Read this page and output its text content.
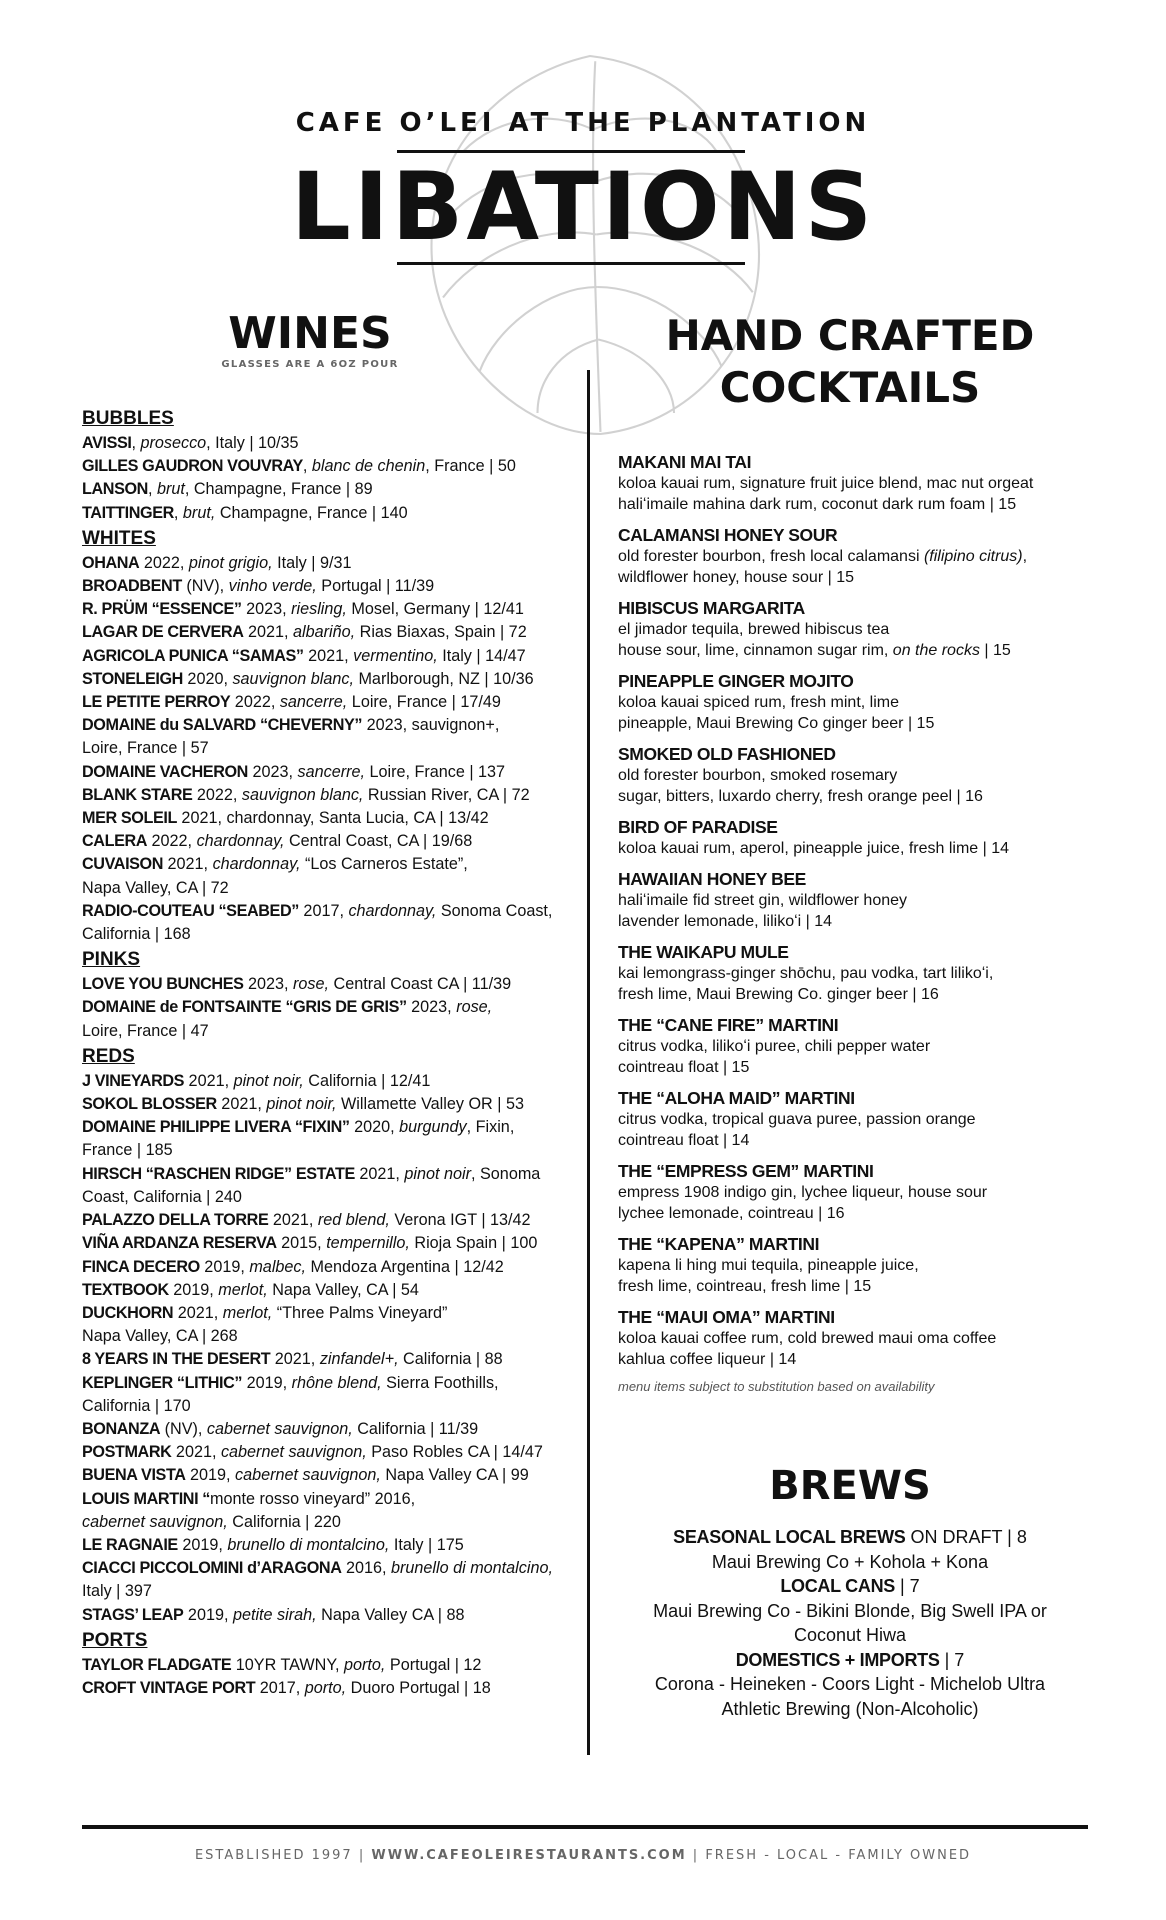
CAFE O’LEI AT THE PLANTATION
LIBATIONS
WINES
GLASSES ARE A 6OZ POUR
HAND CRAFTED
COCKTAILS
BUBBLES
AVISSI, prosecco, Italy | 10/35
GILLES GAUDRON VOUVRAY, blanc de chenin, France | 50
LANSON, brut, Champagne, France | 89
TAITTINGER, brut, Champagne, France | 140
WHITES
OHANA 2022, pinot grigio, Italy | 9/31
BROADBENT (NV), vinho verde, Portugal | 11/39
R. PRÜM “ESSENCE” 2023, riesling, Mosel, Germany | 12/41
LAGAR DE CERVERA 2021, albariño, Rias Biaxas, Spain | 72
AGRICOLA PUNICA “SAMAS” 2021, vermentino, Italy | 14/47
STONELEIGH 2020, sauvignon blanc, Marlborough, NZ | 10/36
LE PETITE PERROY 2022, sancerre, Loire, France | 17/49
DOMAINE du SALVARD “CHEVERNY” 2023, sauvignon+,
Loire, France | 57
DOMAINE VACHERON 2023, sancerre, Loire, France | 137
BLANK STARE 2022, sauvignon blanc, Russian River, CA | 72
MER SOLEIL 2021, chardonnay, Santa Lucia, CA | 13/42
CALERA 2022, chardonnay, Central Coast, CA | 19/68
CUVAISON 2021, chardonnay, “Los Carneros Estate”,
Napa Valley, CA | 72
RADIO-COUTEAU “SEABED” 2017, chardonnay, Sonoma Coast,
California | 168
PINKS
LOVE YOU BUNCHES 2023, rose, Central Coast CA | 11/39
DOMAINE de FONTSAINTE “GRIS DE GRIS” 2023, rose,
Loire, France | 47
REDS
J VINEYARDS 2021, pinot noir, California | 12/41
SOKOL BLOSSER 2021, pinot noir, Willamette Valley OR | 53
DOMAINE PHILIPPE LIVERA “FIXIN” 2020, burgundy, Fixin,
France | 185
HIRSCH “RASCHEN RIDGE” ESTATE 2021, pinot noir, Sonoma
Coast, California | 240
PALAZZO DELLA TORRE 2021, red blend, Verona IGT | 13/42
VIÑA ARDANZA RESERVA 2015, tempernillo, Rioja Spain | 100
FINCA DECERO 2019, malbec, Mendoza Argentina | 12/42
TEXTBOOK 2019, merlot, Napa Valley, CA | 54
DUCKHORN 2021, merlot, “Three Palms Vineyard”
Napa Valley, CA | 268
8 YEARS IN THE DESERT 2021, zinfandel+, California | 88
KEPLINGER “LITHIC” 2019, rhône blend, Sierra Foothills,
California | 170
BONANZA (NV), cabernet sauvignon, California | 11/39
POSTMARK 2021, cabernet sauvignon, Paso Robles CA | 14/47
BUENA VISTA 2019, cabernet sauvignon, Napa Valley CA | 99
LOUIS MARTINI “monte rosso vineyard” 2016,
cabernet sauvignon, California | 220
LE RAGNAIE 2019, brunello di montalcino, Italy | 175
CIACCI PICCOLOMINI d’ARAGONA 2016, brunello di montalcino,
Italy | 397
STAGS’ LEAP 2019, petite sirah, Napa Valley CA | 88
PORTS
TAYLOR FLADGATE 10YR TAWNY, porto, Portugal | 12
CROFT VINTAGE PORT 2017, porto, Duoro Portugal | 18
MAKANI MAI TAI
koloa kauai rum, signature fruit juice blend, mac nut orgeat
haliʻimaile mahina dark rum, coconut dark rum foam | 15
CALAMANSI HONEY SOUR
old forester bourbon, fresh local calamansi (filipino citrus),
wildflower honey, house sour | 15
HIBISCUS MARGARITA
el jimador tequila, brewed hibiscus tea
house sour, lime, cinnamon sugar rim, on the rocks | 15
PINEAPPLE GINGER MOJITO
koloa kauai spiced rum, fresh mint, lime
pineapple, Maui Brewing Co ginger beer | 15
SMOKED OLD FASHIONED
old forester bourbon, smoked rosemary
sugar, bitters, luxardo cherry, fresh orange peel | 16
BIRD OF PARADISE
koloa kauai rum, aperol, pineapple juice, fresh lime | 14
HAWAIIAN HONEY BEE
haliʻimaile fid street gin, wildflower honey
lavender lemonade, lilikoʻi | 14
THE WAIKAPU MULE
kai lemongrass-ginger shōchu, pau vodka, tart lilikoʻi,
fresh lime, Maui Brewing Co. ginger beer | 16
THE “CANE FIRE” MARTINI
citrus vodka, lilikoʻi puree, chili pepper water
cointreau float | 15
THE “ALOHA MAID” MARTINI
citrus vodka, tropical guava puree, passion orange
cointreau float | 14
THE “EMPRESS GEM” MARTINI
empress 1908 indigo gin, lychee liqueur, house sour
lychee lemonade, cointreau | 16
THE “KAPENA” MARTINI
kapena li hing mui tequila, pineapple juice,
fresh lime, cointreau, fresh lime | 15
THE “MAUI OMA” MARTINI
koloa kauai coffee rum, cold brewed maui oma coffee
kahlua coffee liqueur | 14
menu items subject to substitution based on availability
BREWS
SEASONAL LOCAL BREWS ON DRAFT | 8
Maui Brewing Co + Kohola + Kona
LOCAL CANS | 7
Maui Brewing Co - Bikini Blonde, Big Swell IPA or
Coconut Hiwa
DOMESTICS + IMPORTS | 7
Corona - Heineken - Coors Light - Michelob Ultra
Athletic Brewing (Non-Alcoholic)
ESTABLISHED 1997 | WWW.CAFEOLEIRESTAURANTS.COM | FRESH - LOCAL - FAMILY OWNED
